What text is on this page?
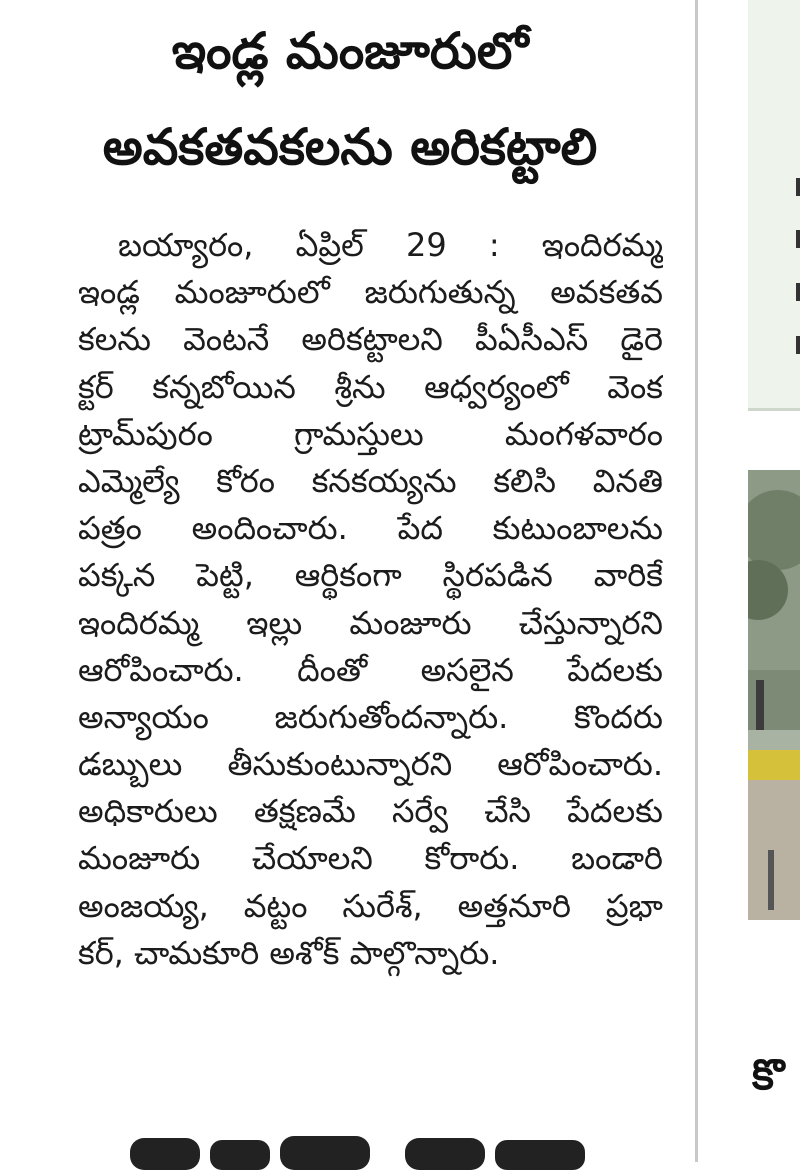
ఇండ్ల మంజూరులో
అవకతవకలను అరికట్టాలి
బయ్యారం, ఏప్రిల్ 29 : ఇందిరమ్మ
ఇండ్ల మంజూరులో జరుగుతున్న అవకతవ
కలను వెంటనే అరికట్టాలని పీఏసీఎస్ డైరె
క్టర్ కన్నబోయిన శ్రీను ఆధ్వర్యంలో వెంక
ట్రామ్‌పురం గ్రామస్తులు మంగళవారం
ఎమ్మెల్యే కోరం కనకయ్యను కలిసి వినతి
పత్రం అందించారు. పేద కుటుంబాలను
పక్కన పెట్టి, ఆర్థికంగా స్థిరపడిన వారికే
ఇందిరమ్మ ఇల్లు మంజూరు చేస్తున్నారని
ఆరోపించారు. దీంతో అసలైన పేదలకు
అన్యాయం జరుగుతోందన్నారు. కొందరు
డబ్బులు తీసుకుంటున్నారని ఆరోపించారు.
అధికారులు తక్షణమే సర్వే చేసి పేదలకు
మంజూరు చేయాలని కోరారు. బండారి
అంజయ్య, వట్టం సురేశ్, అత్తనూరి ప్రభా
కర్, చామకూరి అశోక్ పాల్గొన్నారు.
కొ
